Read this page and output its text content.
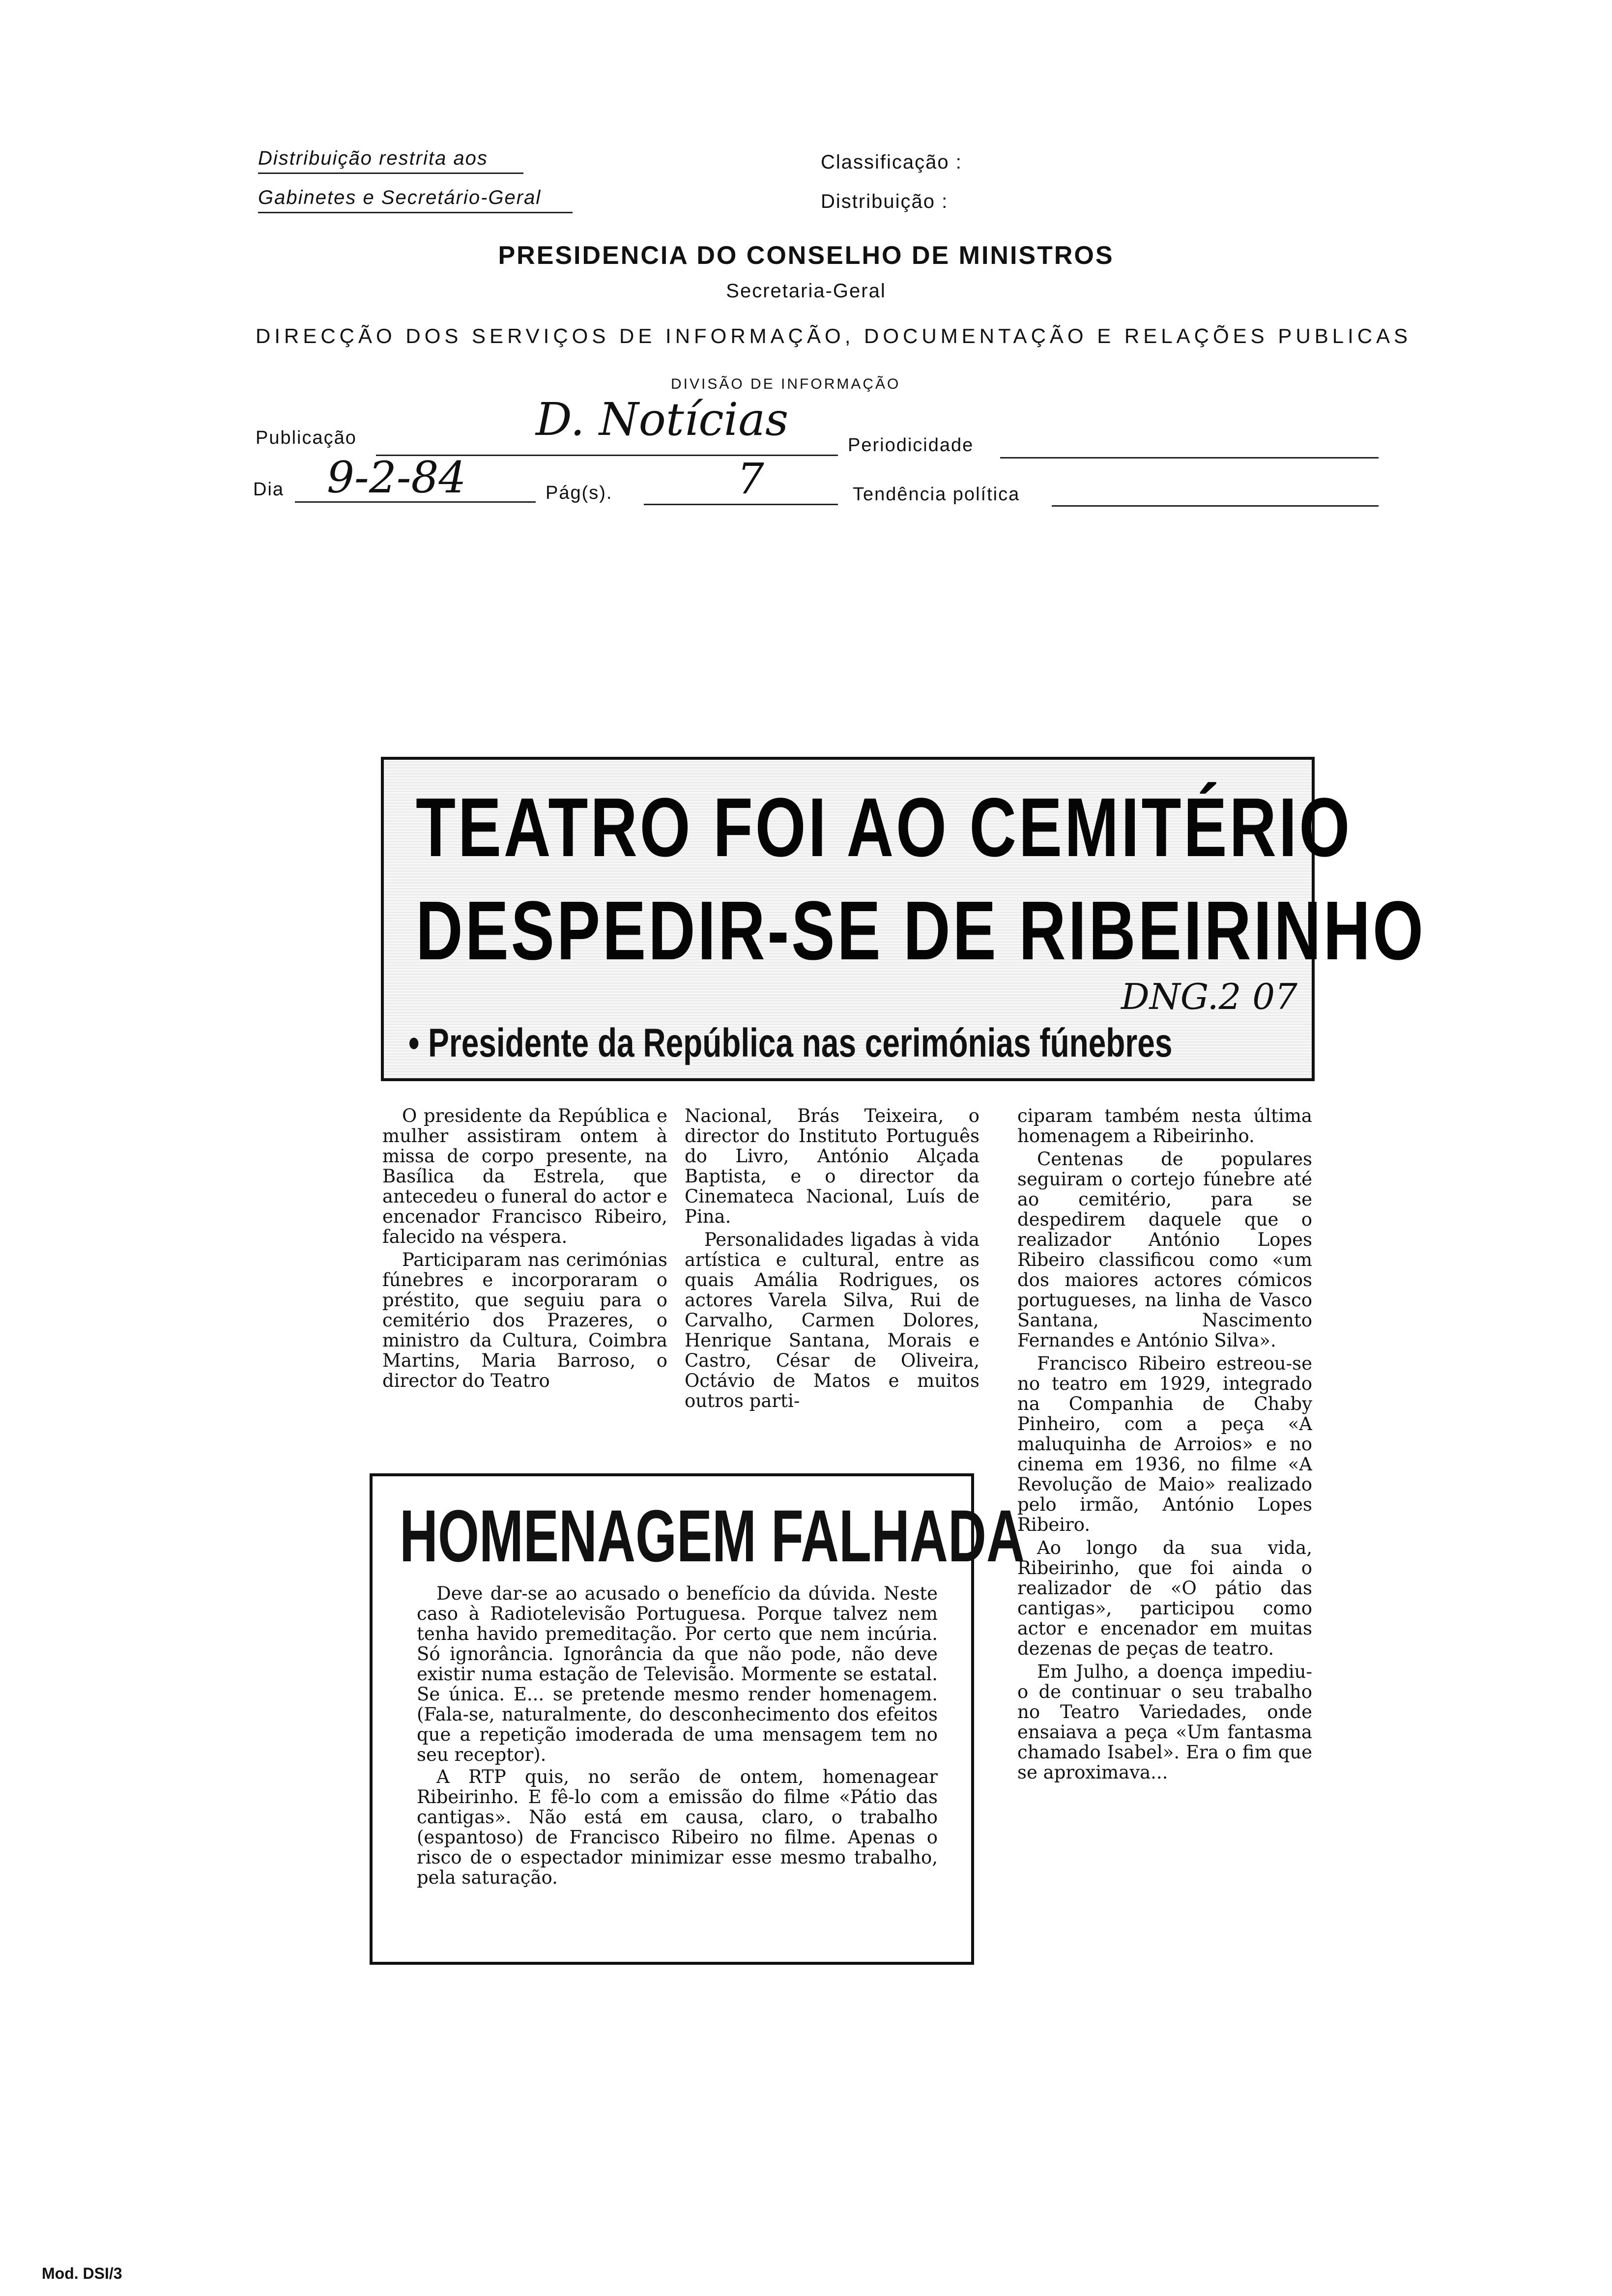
Distribuição restrita aos
Gabinetes e Secretário-Geral
Classificação :
Distribuição :
PRESIDENCIA DO CONSELHO DE MINISTROS
Secretaria-Geral
DIRECÇÃO DOS SERVIÇOS DE INFORMAÇÃO, DOCUMENTAÇÃO E RELAÇÕES PUBLICAS
DIVISÃO DE INFORMAÇÃO
Publicação	D. Notícias	Periodicidade
Dia 9-2-84	Pág(s).	7	Tendência política
TEATRO FOI AO CEMITÉRIO
DESPEDIR-SE DE RIBEIRINHO
• Presidente da República nas cerimónias fúnebres
DNG.2 07

O presidente da República e mulher assistiram ontem à missa de corpo presente, na Basílica da Estrela, que antecedeu o funeral do actor e encenador Francisco Ribeiro, falecido na véspera.

Participaram nas cerimónias fúnebres e incorporaram o préstito, que seguiu para o cemitério dos Prazeres, o ministro da Cultura, Coimbra Martins, Maria Barroso, o director do Teatro

Nacional, Brás Teixeira, o director do Instituto Português do Livro, António Alçada Baptista, e o director da Cinemateca Nacional, Luís de Pina.

Personalidades ligadas à vida artística e cultural, entre as quais Amália Rodrigues, os actores Varela Silva, Rui de Carvalho, Carmen Dolores, Henrique Santana, Morais e Castro, César de Oliveira, Octávio de Matos e muitos outros parti-

ciparam também nesta última homenagem a Ribeirinho.

Centenas de populares seguiram o cortejo fúnebre até ao cemitério, para se despedirem daquele que o realizador António Lopes Ribeiro classificou como «um dos maiores actores cómicos portugueses, na linha de Vasco Santana, Nascimento Fernandes e António Silva».

Francisco Ribeiro estreou-se no teatro em 1929, integrado na Companhia de Chaby Pinheiro, com a peça «A maluquinha de Arroios» e no cinema em 1936, no filme «A Revolução de Maio» realizado pelo irmão, António Lopes Ribeiro.

Ao longo da sua vida, Ribeirinho, que foi ainda o realizador de «O pátio das cantigas», participou como actor e encenador em muitas dezenas de peças de teatro.

Em Julho, a doença impediu-o de continuar o seu trabalho no Teatro Variedades, onde ensaiava a peça «Um fantasma chamado Isabel». Era o fim que se aproximava...

HOMENAGEM FALHADA

Deve dar-se ao acusado o benefício da dúvida. Neste caso à Radiotelevisão Portuguesa. Porque talvez nem tenha havido premeditação. Por certo que nem incúria. Só ignorância. Ignorância da que não pode, não deve existir numa estação de Televisão. Mormente se estatal. Se única. E... se pretende mesmo render homenagem. (Fala-se, naturalmente, do desconhecimento dos efeitos que a repetição imoderada de uma mensagem tem no seu receptor).

A RTP quis, no serão de ontem, homenagear Ribeirinho. E fê-lo com a emissão do filme «Pátio das cantigas». Não está em causa, claro, o trabalho (espantoso) de Francisco Ribeiro no filme. Apenas o risco de o espectador minimizar esse mesmo trabalho, pela saturação.

Mod. DSI/3
